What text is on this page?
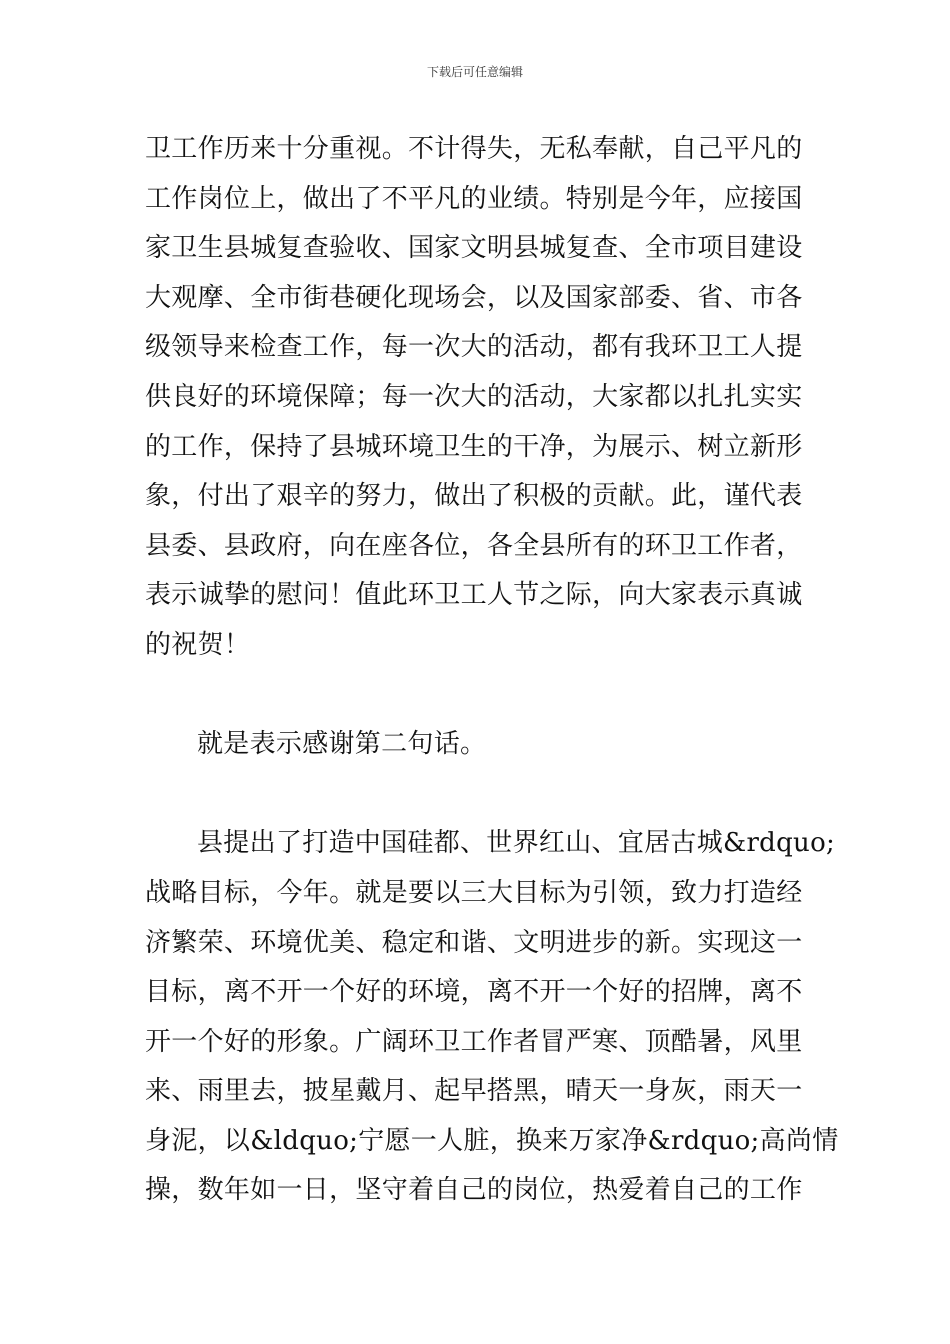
下载后可任意编辑
卫工作历来十分重视。不计得失，无私奉献，自己平凡的
工作岗位上，做出了不平凡的业绩。特别是今年，应接国
家卫生县城复查验收、国家文明县城复查、全市项目建设
大观摩、全市街巷硬化现场会，以及国家部委、省、市各
级领导来检查工作，每一次大的活动，都有我环卫工人提
供良好的环境保障；每一次大的活动，大家都以扎扎实实
的工作，保持了县城环境卫生的干净，为展示、树立新形
象，付出了艰辛的努力，做出了积极的贡献。此，谨代表
县委、县政府，向在座各位，各全县所有的环卫工作者，
表示诚挚的慰问！值此环卫工人节之际，向大家表示真诚
的祝贺！
就是表示感谢第二句话。
县提出了打造中国硅都、世界红山、宜居古城&rdquo;
战略目标，今年。就是要以三大目标为引领，致力打造经
济繁荣、环境优美、稳定和谐、文明进步的新。实现这一
目标，离不开一个好的环境，离不开一个好的招牌，离不
开一个好的形象。广阔环卫工作者冒严寒、顶酷暑，风里
来、雨里去，披星戴月、起早搭黑，晴天一身灰，雨天一
身泥，以&ldquo;宁愿一人脏，换来万家净&rdquo;高尚情
操，数年如一日，坚守着自己的岗位，热爱着自己的工作
